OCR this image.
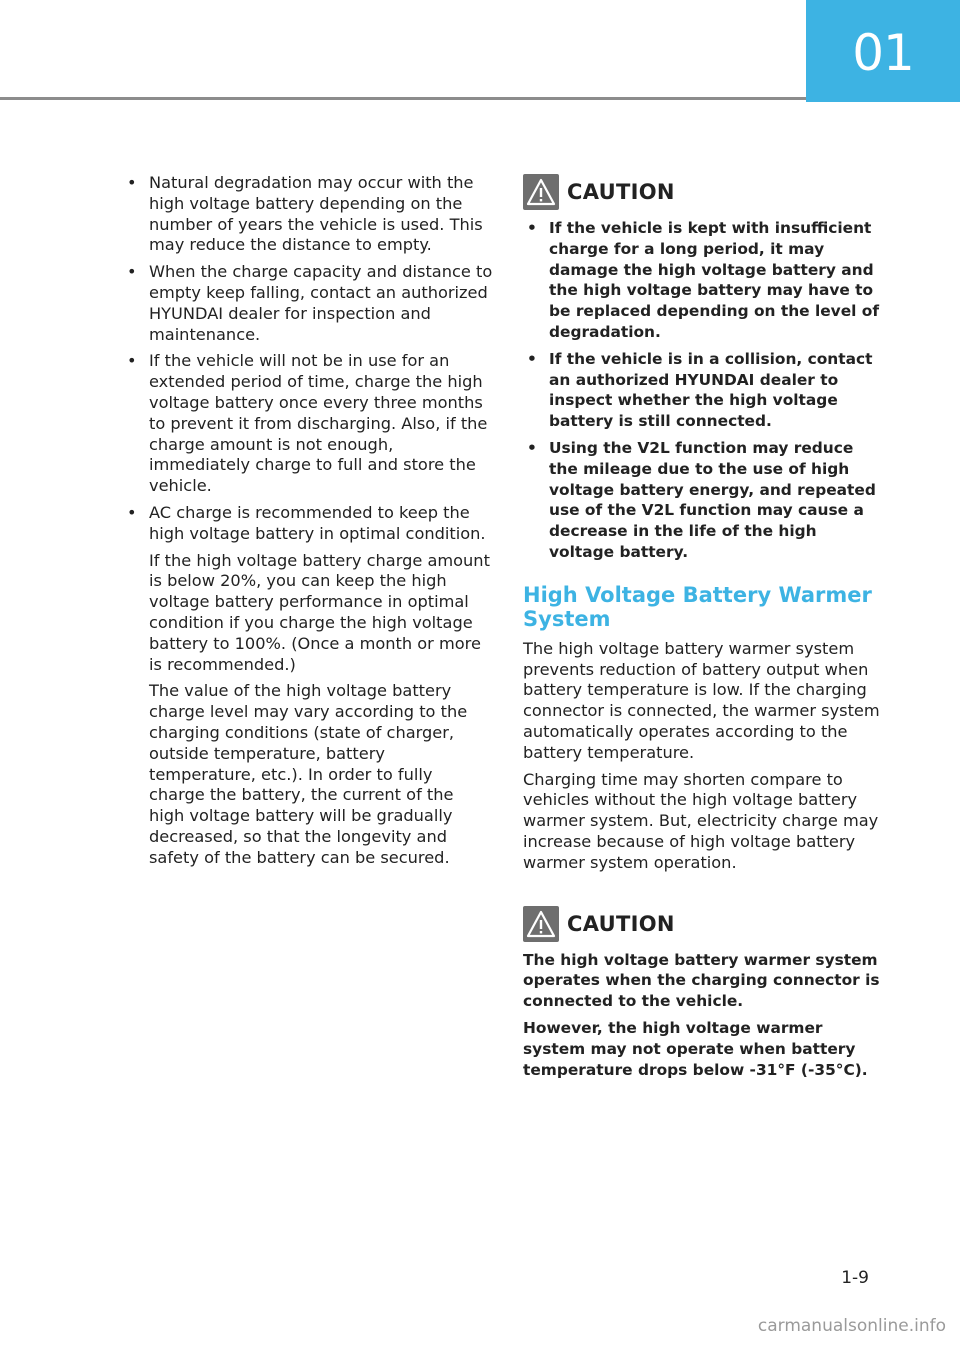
01
• Natural degradation may occur with the high voltage battery depending on the number of years the vehicle is used. This may reduce the distance to empty.
• When the charge capacity and distance to empty keep falling, contact an authorized HYUNDAI dealer for inspection and maintenance.
• If the vehicle will not be in use for an extended period of time, charge the high voltage battery once every three months to prevent it from discharging. Also, if the charge amount is not enough, immediately charge to full and store the vehicle.
• AC charge is recommended to keep the high voltage battery in optimal condition.

If the high voltage battery charge amount is below 20%, you can keep the high voltage battery performance in optimal condition if you charge the high voltage battery to 100%. (Once a month or more is recommended.)

The value of the high voltage battery charge level may vary according to the charging conditions (state of charger, outside temperature, battery temperature, etc.). In order to fully charge the battery, the current of the high voltage battery will be gradually decreased, so that the longevity and safety of the battery can be secured.

CAUTION
• If the vehicle is kept with insufficient charge for a long period, it may damage the high voltage battery and the high voltage battery may have to be replaced depending on the level of degradation.
• If the vehicle is in a collision, contact an authorized HYUNDAI dealer to inspect whether the high voltage battery is still connected.
• Using the V2L function may reduce the mileage due to the use of high voltage battery energy, and repeated use of the V2L function may cause a decrease in the life of the high voltage battery.
High Voltage Battery Warmer System

The high voltage battery warmer system prevents reduction of battery output when battery temperature is low. If the charging connector is connected, the warmer system automatically operates according to the battery temperature.

Charging time may shorten compare to vehicles without the high voltage battery warmer system. But, electricity charge may increase because of high voltage battery warmer system operation.

CAUTION

The high voltage battery warmer system operates when the charging connector is connected to the vehicle.

However, the high voltage warmer system may not operate when battery temperature drops below -31°F (-35°C).

1-9
carmanualsonline.info
